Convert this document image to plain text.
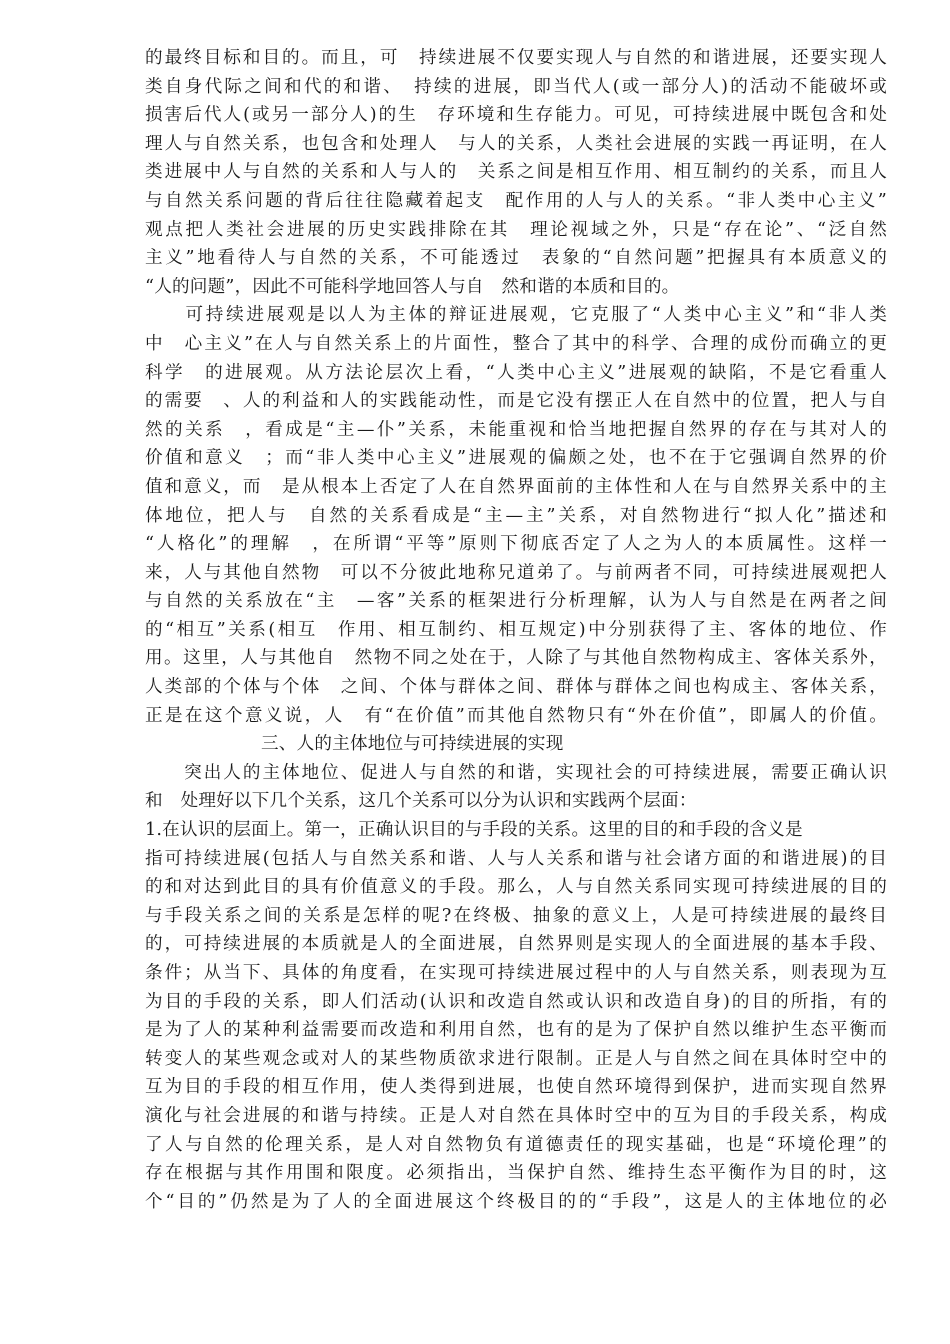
的最终目标和目的。而且，可　持续进展不仅要实现人与自然的和谐进展，还要实现人
类自身代际之间和代的和谐、　持续的进展，即当代人(或一部分人)的活动不能破坏或
损害后代人(或另一部分人)的生　存环境和生存能力。可见，可持续进展中既包含和处
理人与自然关系，也包含和处理人　与人的关系，人类社会进展的实践一再证明，在人
类进展中人与自然的关系和人与人的　关系之间是相互作用、相互制约的关系，而且人
与自然关系问题的背后往往隐藏着起支　配作用的人与人的关系。“非人类中心主义”
观点把人类社会进展的历史实践排除在其　理论视域之外，只是“存在论”、“泛自然
主义”地看待人与自然的关系，不可能透过　表象的“自然问题”把握具有本质意义的
“人的问题”，因此不可能科学地回答人与自　然和谐的本质和目的。
　　可持续进展观是以人为主体的辩证进展观，它克服了“人类中心主义”和“非人类
中　心主义”在人与自然关系上的片面性，整合了其中的科学、合理的成份而确立的更
科学　的进展观。从方法论层次上看，“人类中心主义”进展观的缺陷，不是它看重人
的需要　、人的利益和人的实践能动性，而是它没有摆正人在自然中的位置，把人与自
然的关系　，看成是“主—仆”关系，未能重视和恰当地把握自然界的存在与其对人的
价值和意义　；而“非人类中心主义”进展观的偏颇之处，也不在于它强调自然界的价
值和意义，而　是从根本上否定了人在自然界面前的主体性和人在与自然界关系中的主
体地位，把人与　自然的关系看成是“主—主”关系，对自然物进行“拟人化”描述和
“人格化”的理解　，在所谓“平等”原则下彻底否定了人之为人的本质属性。这样一
来，人与其他自然物　可以不分彼此地称兄道弟了。与前两者不同，可持续进展观把人
与自然的关系放在“主　—客”关系的框架进行分析理解，认为人与自然是在两者之间
的“相互”关系(相互　作用、相互制约、相互规定)中分别获得了主、客体的地位、作
用。这里，人与其他自　然物不同之处在于，人除了与其他自然物构成主、客体关系外，
人类部的个体与个体　之间、个体与群体之间、群体与群体之间也构成主、客体关系，
正是在这个意义说，人　有“在价值”而其他自然物只有“外在价值”，即属人的价值。
三、人的主体地位与可持续进展的实现
　　突出人的主体地位、促进人与自然的和谐，实现社会的可持续进展，需要正确认识
和　处理好以下几个关系，这几个关系可以分为认识和实践两个层面：
1.在认识的层面上。第一，正确认识目的与手段的关系。这里的目的和手段的含义是
指可持续进展(包括人与自然关系和谐、人与人关系和谐与社会诸方面的和谐进展)的目
的和对达到此目的具有价值意义的手段。那么，人与自然关系同实现可持续进展的目的
与手段关系之间的关系是怎样的呢?在终极、抽象的意义上，人是可持续进展的最终目
的，可持续进展的本质就是人的全面进展，自然界则是实现人的全面进展的基本手段、
条件；从当下、具体的角度看，在实现可持续进展过程中的人与自然关系，则表现为互
为目的手段的关系，即人们活动(认识和改造自然或认识和改造自身)的目的所指，有的
是为了人的某种利益需要而改造和利用自然，也有的是为了保护自然以维护生态平衡而
转变人的某些观念或对人的某些物质欲求进行限制。正是人与自然之间在具体时空中的
互为目的手段的相互作用，使人类得到进展，也使自然环境得到保护，进而实现自然界
演化与社会进展的和谐与持续。正是人对自然在具体时空中的互为目的手段关系，构成
了人与自然的伦理关系，是人对自然物负有道德责任的现实基础，也是“环境伦理”的
存在根据与其作用围和限度。必须指出，当保护自然、维持生态平衡作为目的时，这
个“目的”仍然是为了人的全面进展这个终极目的的“手段”，这是人的主体地位的必
